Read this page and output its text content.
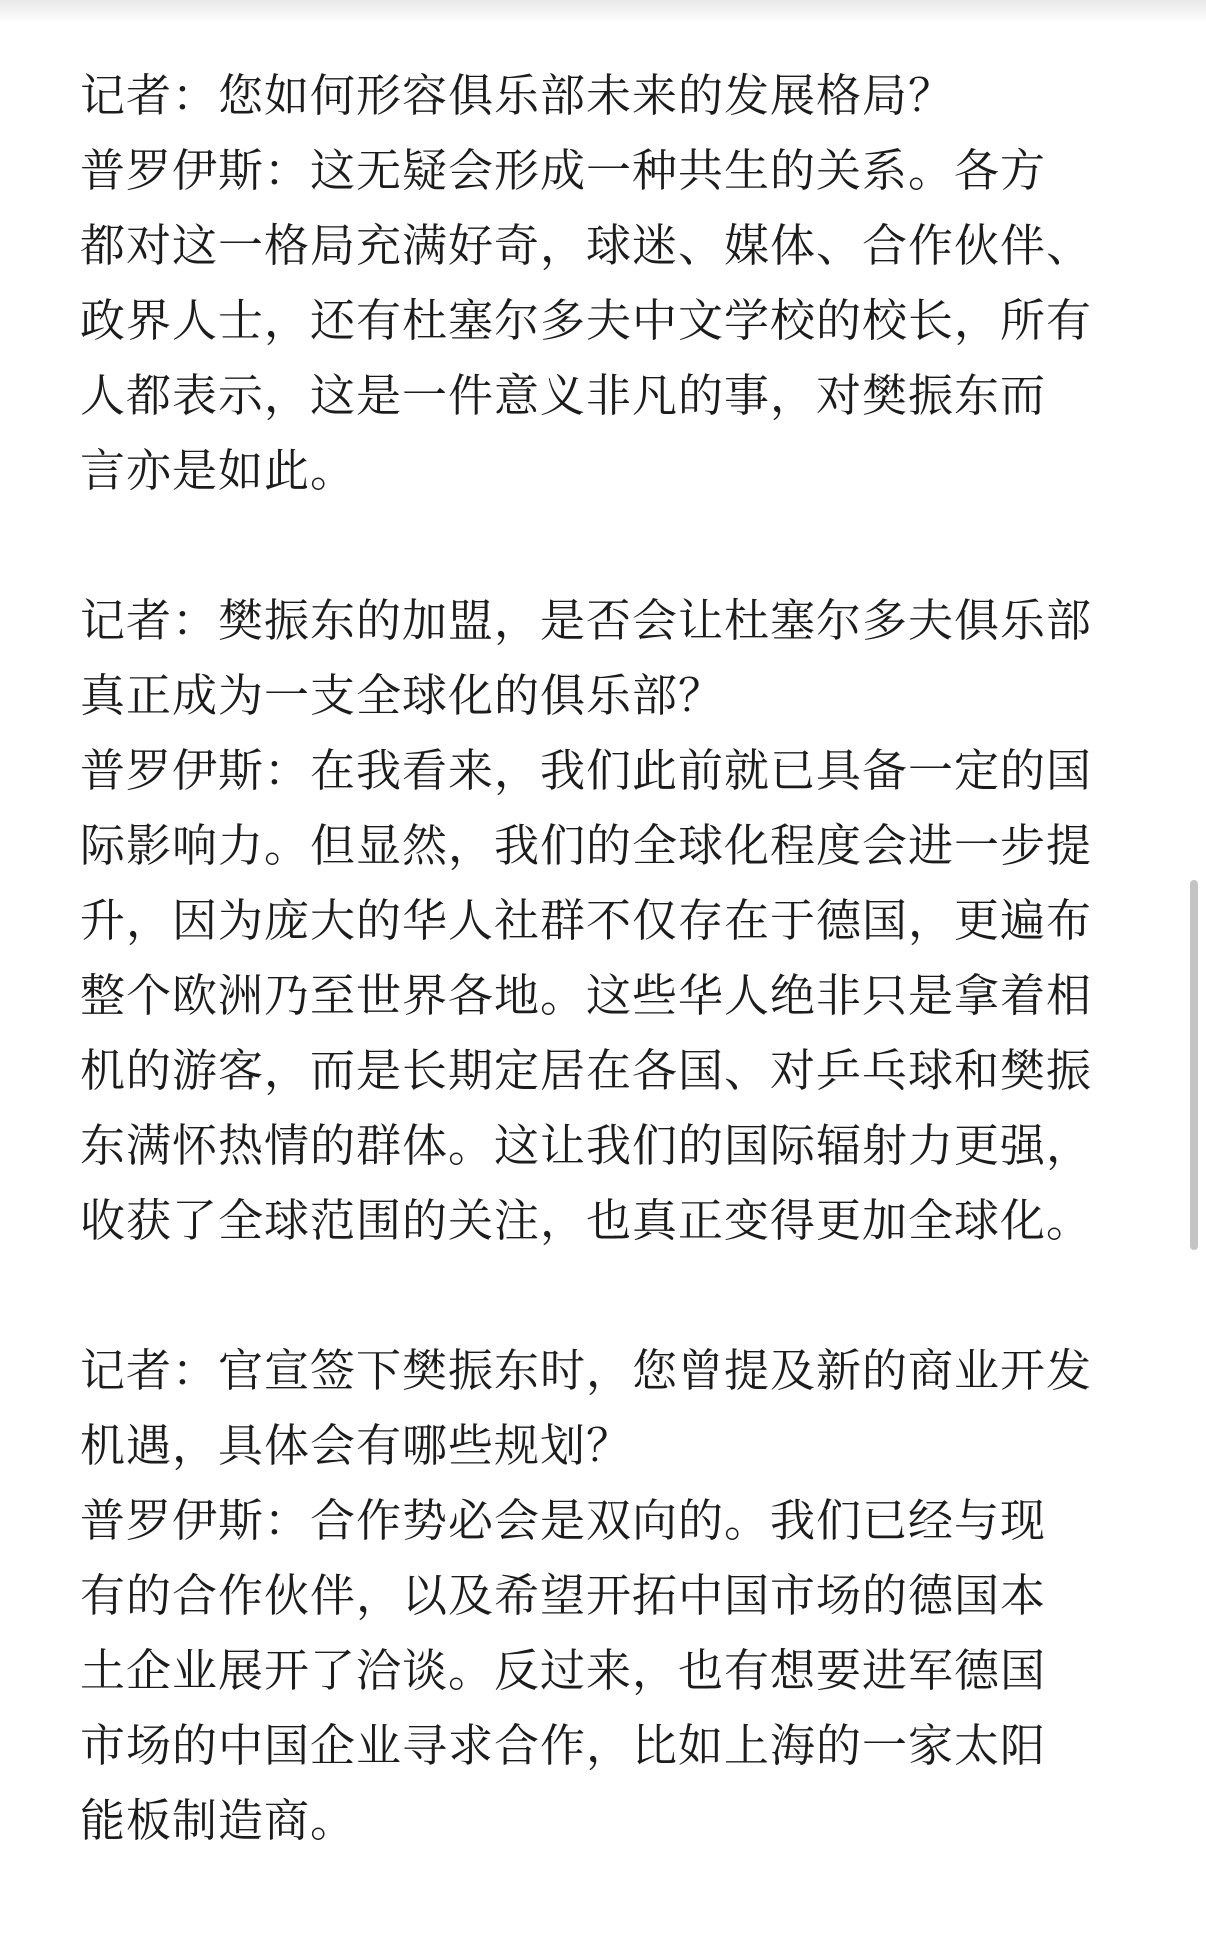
记者：您如何形容俱乐部未来的发展格局？

普罗伊斯：这无疑会形成一种共生的关系。各方
都对这一格局充满好奇，球迷、媒体、合作伙伴、
政界人士，还有杜塞尔多夫中文学校的校长，所有
人都表示，这是一件意义非凡的事，对樊振东而
言亦是如此。

记者：樊振东的加盟，是否会让杜塞尔多夫俱乐部
真正成为一支全球化的俱乐部？

普罗伊斯：在我看来，我们此前就已具备一定的国
际影响力。但显然，我们的全球化程度会进一步提
升，因为庞大的华人社群不仅存在于德国，更遍布
整个欧洲乃至世界各地。这些华人绝非只是拿着相
机的游客，而是长期定居在各国、对乒乓球和樊振
东满怀热情的群体。这让我们的国际辐射力更强，
收获了全球范围的关注，也真正变得更加全球化。

记者：官宣签下樊振东时，您曾提及新的商业开发
机遇，具体会有哪些规划？

普罗伊斯：合作势必会是双向的。我们已经与现
有的合作伙伴，以及希望开拓中国市场的德国本
土企业展开了洽谈。反过来，也有想要进军德国
市场的中国企业寻求合作，比如上海的一家太阳
能板制造商。
